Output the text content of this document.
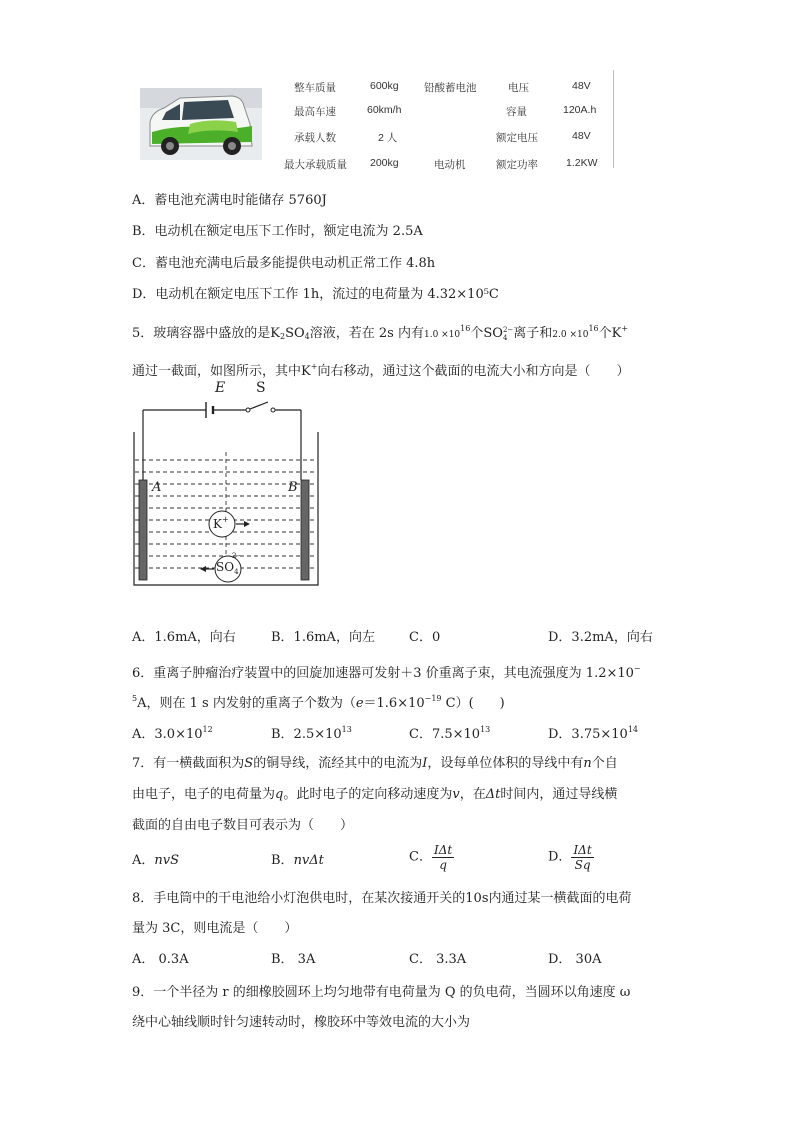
整车质量	600kg 铅酸蓄电池	电压	48V
最高车速	60km/h	容量	120A.h
承载人数	2 人	额定电压	48V
最大承载质量 200kg	电动机	额定功率	1.2KW
A．蓄电池充满电时能储存 5760J
B．电动机在额定电压下工作时，额定电流为 2.5A
C．蓄电池充满电后最多能提供电动机正常工作 4.8h
D．电动机在额定电压下工作 1h，流过的电荷量为 4.32×10⁵C
5．玻璃容器中盛放的是$K_2SO_4$溶液，若在 2s 内有$1.0 \times 10^{16}$个SO 2−
4 离子和$2.0 \times 10^{16}$个K+
通过一截面，如图所示，其中K+向右移动，通过这个截面的电流大小和方向是（　　）
E S
A	B
K+
$SO_4$
2−
A．1.6mA，向右	B．1.6mA，向左	C．0	D．3.2mA，向右
6．重离子肿瘤治疗装置中的回旋加速器可发射＋3 价重离子束，其电流强度为 1.2×10−
$^5$A，则在 1 s 内发射的重离子个数为（$e=1.6\times 10^{-19}$ C）(　　)
A．$3.0\times 10^{12}$	B．$2.5\times 10^{13}$	C．$7.5\times 10^{13}$	D．$3.75\times 10^{14}$
7．有一横截面积为S的铜导线，流经其中的电流为I，设每单位体积的导线中有n个自
由电子，电子的电荷量为q。此时电子的定向移动速度为v，在Δt时间内，通过导线横
截面的自由电子数目可表示为（　　）
A．nvS	B．nvΔt	C． $\frac{\text{IΔt}}{q}$	D． $\frac{\text{IΔt}}{Sq}$
8．手电筒中的干电池给小灯泡供电时，在某次接通开关的10s内通过某一横截面的电荷
量为 3C，则电流是（　　）
A． 0.3A	B． 3A	C． 3.3A	D． 30A
9．一个半径为 r 的细橡胶圆环上均匀地带有电荷量为 Q 的负电荷，当圆环以角速度 ω
绕中心轴线顺时针匀速转动时，橡胶环中等效电流的大小为
